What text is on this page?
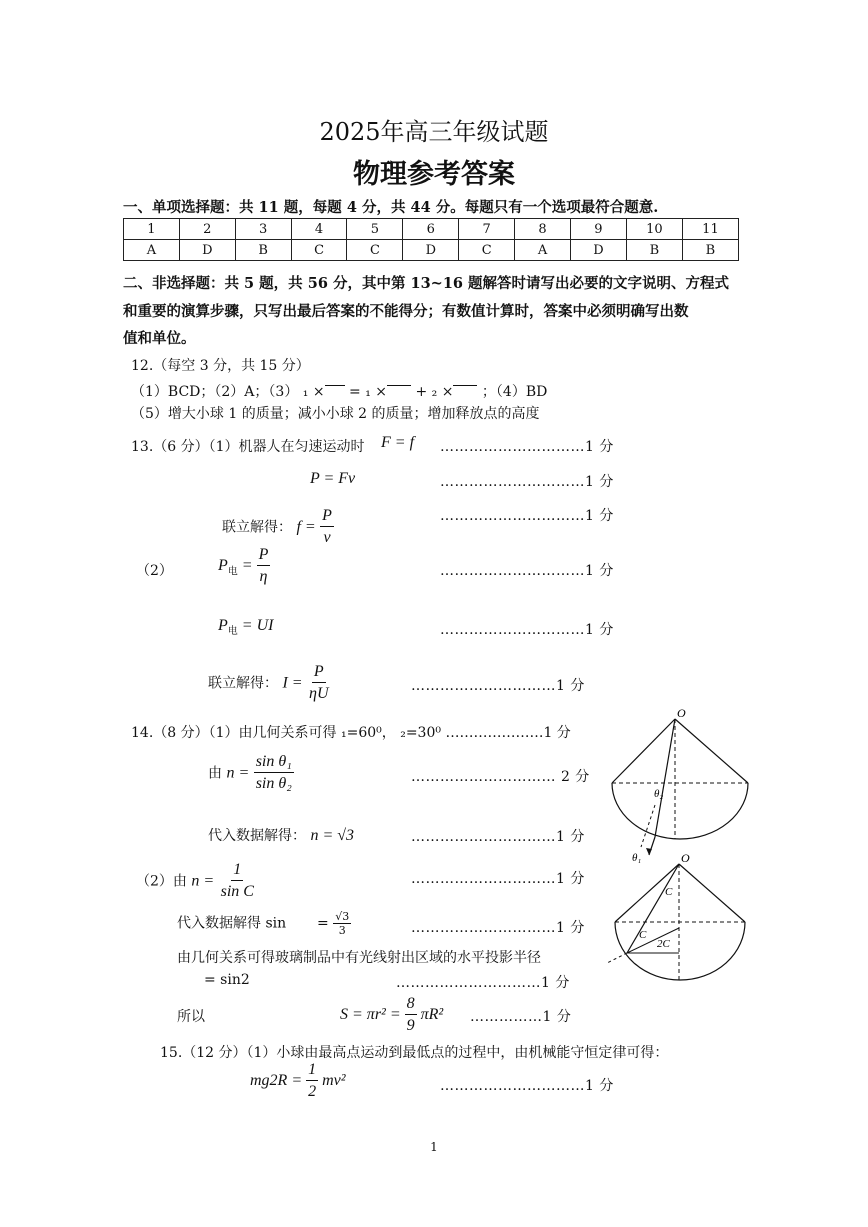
2025年高三年级试题
物理参考答案
一、单项选择题：共 11 题，每题 4 分，共 44 分。每题只有一个选项最符合题意.
1	2	3	4	5	6	7	8	9	10	11
A	D	B	C	C	D	C	A	D	B	B
二、非选择题：共 5 题，共 56 分，其中第 13~16 题解答时请写出必要的文字说明、方程式
和重要的演算步骤，只写出最后答案的不能得分；有数值计算时，答案中必须明确写出数
值和单位。
12.（每空 3 分，共 15 分）
（1）BCD；（2）A；（3） ₁ × = ₁ × + ₂ × ；（4）BD
（5）增大小球 1 的质量；减小小球 2 的质量；增加释放点的高度
13.（6 分）（1）机器人在匀速运动时 F = f …………………………1 分
P = Fv	…………………………1 分
联立解得： $f = \frac{P}{v}$	…………………………1 分
（2）	$P_电 = \frac{P}{\eta}$	…………………………1 分
$P_电$ = UI	…………………………1 分
联立解得： $I = \frac{P}{\eta U}$	…………………………1 分
14.（8 分）（1）由几何关系可得 ₁=60⁰， ₂=30⁰ …………………1 分
由 $n = \frac{\text{sin θ₁}}{\text{sin θ₂}}$	………………………… 2 分
代入数据解得： n = √3	…………………………1 分
（2）由 $n = \frac{1}{\text{sin C}}$	…………………………1 分
代入数据解得 $\sin = \frac{√3}{3}$	…………………………1 分
由几何关系可得玻璃制品中有光线射出区域的水平投影半径
= sin2	…………………………1 分
所以	$S = \pi r^2 = \frac{8}{9} \pi R^2$ ……………1 分
O
θ₂
θ₁	O
C
C
2C
15.（12 分）（1）小球由最高点运动到最低点的过程中，由机械能守恒定律可得：
$mg2R = \frac{1}{2} mv^2$	…………………………1 分
1
